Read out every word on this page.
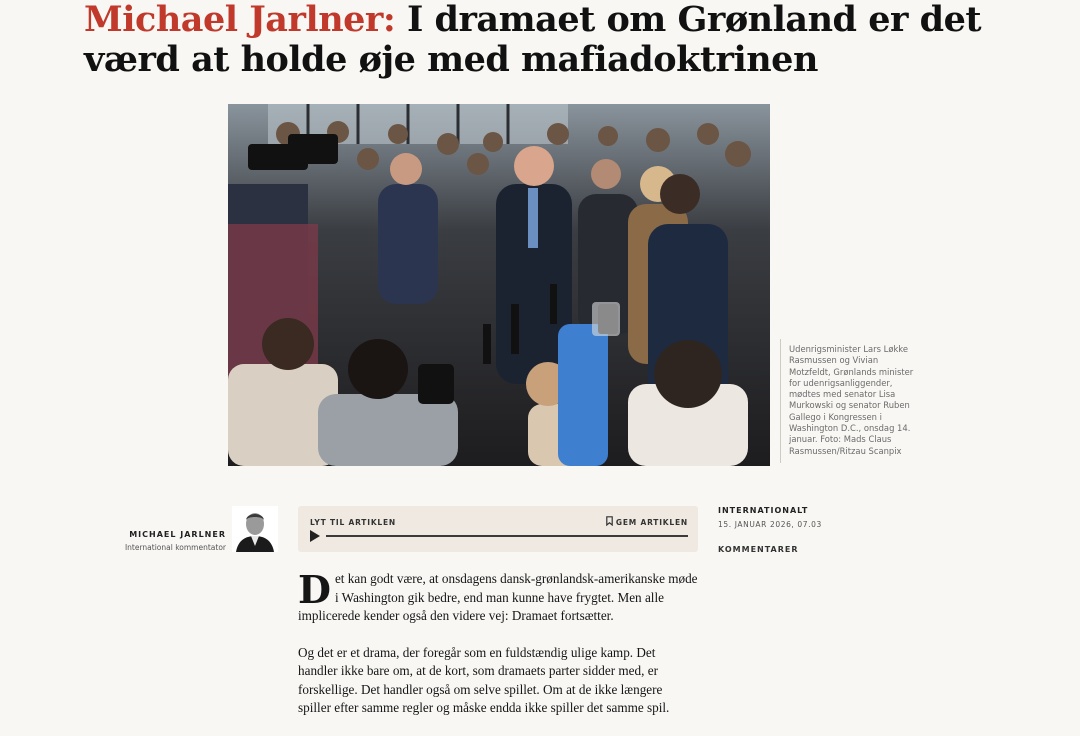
Michael Jarlner: I dramaet om Grønland er det værd at holde øje med mafiadoktrinen
Udenrigsminister Lars Løkke Rasmussen og Vivian Motzfeldt, Grønlands minister for udenrigsanliggender, mødtes med senator Lisa Murkowski og senator Ruben Gallego i Kongressen i Washington D.C., onsdag 14. januar. Foto: Mads Claus Rasmussen/Ritzau Scanpix
MICHAEL JARLNER
International kommentator
LYT TIL ARTIKLEN	GEM ARTIKLEN
INTERNATIONALT
15. JANUAR 2026, 07.03
KOMMENTARER

Det kan godt være, at onsdagens dansk-grønlandsk-amerikanske møde i Washington gik bedre, end man kunne have frygtet. Men alle implicerede kender også den videre vej: Dramaet fortsætter.

Og det er et drama, der foregår som en fuldstændig ulige kamp. Det handler ikke bare om, at de kort, som dramaets parter sidder med, er forskellige. Det handler også om selve spillet. Om at de ikke længere spiller efter samme regler og måske endda ikke spiller det samme spil.
